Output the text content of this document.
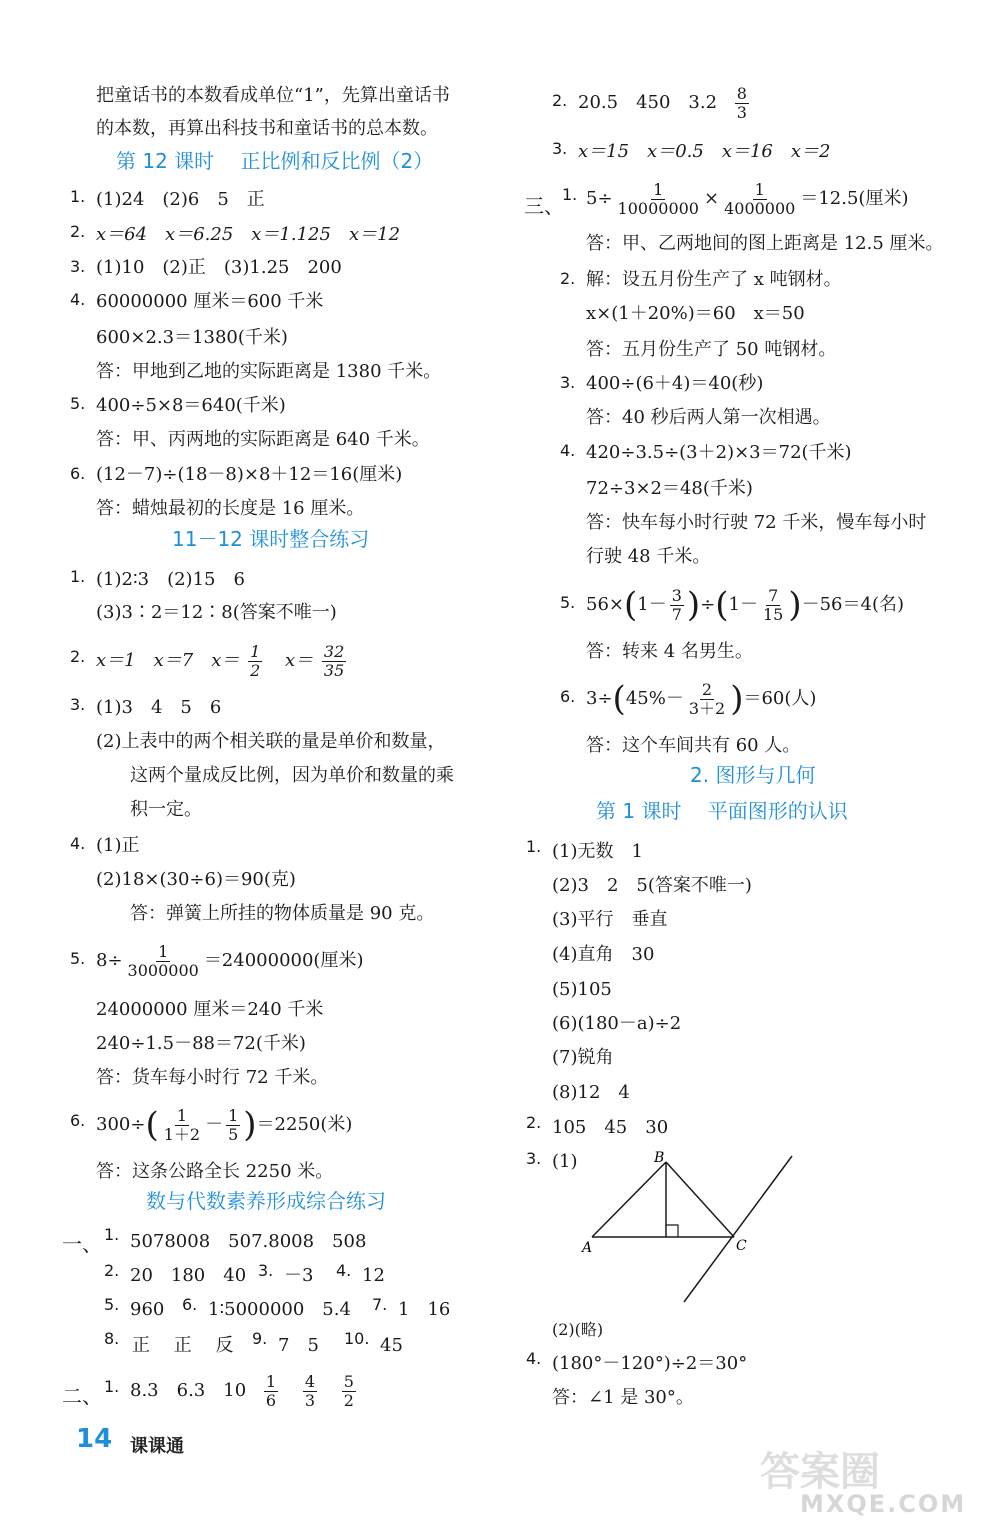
把童话书的本数看成单位“1”，先算出童话书
的本数，再算出科技书和童话书的总本数。
第 12 课时　 正比例和反比例（2）
1. (1)24　(2)6　5　正
2. x＝64　x＝6.25　x＝1.125　x＝12
3. (1)10　(2)正　(3)1.25　200
4. 60000000 厘米＝600 千米
600×2.3＝1380(千米)
答：甲地到乙地的实际距离是 1380 千米。
5. 400÷5×8＝640(千米)
答：甲、丙两地的实际距离是 640 千米。
6. (12－7)÷(18－8)×8＋12＝16(厘米)
答：蜡烛最初的长度是 16 厘米。
11－12 课时整合练习
1. (1)2∶3　(2)15　6
(3)3∶2＝12∶8(答案不唯一)
2. x＝1　x＝7　$x= \frac{1}{2} x= \frac{32}{35}$
3. (1)3　4　5　6
(2)上表中的两个相关联的量是单价和数量，
这两个量成反比例，因为单价和数量的乘
积一定。
4. (1)正
(2)18×(30÷6)＝90(克)
答：弹簧上所挂的物体质量是 90 克。
5. $8\div \frac{1}{3000000} =24000000$(厘米)
24000000 厘米＝240 千米
240÷1.5－88＝72(千米)
答：货车每小时行 72 千米。
6. $300\div( \frac{1}{1+2} - \frac{1}{5} )=2250$(米)
答：这条公路全长 2250 米。
数与代数素养形成综合练习
一、 1. 5078008　507.8008　508
2. 20　180　40 3. －3 4. 12
5. 960 6. 1∶5000000　5.4 7. 1　16
8. 正　 正　 反 9. 7　5 10. 45
二、 1. 8.3　6.3　$10 \frac{1}{6}$
$\frac{4}{3}$
$\frac{5}{2}$
2. 20.5　450　$3.2 \frac{8}{3}$
3. x＝15　x＝0.5　x＝16　x＝2
三、
1. $5\div \frac{1}{10000000} \times \frac{1}{4000000} =12.5$(厘米)
答：甲、乙两地间的图上距离是 12.5 厘米。
2. 解：设五月份生产了 x 吨钢材。
x×(1＋20%)＝60　x＝50
答：五月份生产了 50 吨钢材。
3. 400÷(6＋4)＝40(秒)
答：40 秒后两人第一次相遇。
4. 420÷3.5÷(3＋2)×3＝72(千米)
72÷3×2＝48(千米)
答：快车每小时行驶 72 千米，慢车每小时
行驶 48 千米。
5. $56\times(1- \frac{3}{7} )\div(1- \frac{7}{15} )-56=4$(名)
答：转来 4 名男生。
6. $3\div(45\%- \frac{2}{3+2} )=60$(人)
答：这个车间共有 60 人。
2. 图形与几何
第 1 课时　 平面图形的认识
1. (1)无数　1
(2)3　2　5(答案不唯一)
(3)平行　垂直
(4)直角　30
(5)105
(6)(180－a)÷2
(7)锐角
(8)12　4
2. 105　45　30
3. (1)	B
A	C
(2)(略)
4. (180°－120°)÷2＝30°
答：∠1 是 30°。
14 课课通
答案圈
MXQE.COM
